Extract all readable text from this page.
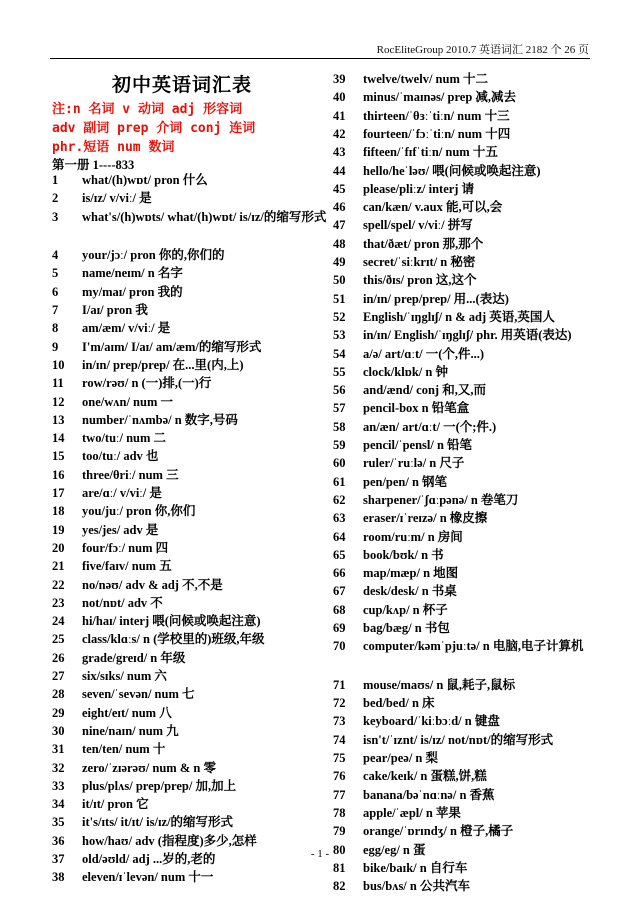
RocEliteGroup 2010.7 英语词汇 2182 个 26 页
初中英语词汇表
注:n 名词 v 动词 adj 形容词
adv 副词 prep 介词 conj 连词
phr.短语 num 数词
第一册 1----833
1	what/(h)wɒt/ pron 什么
2	is/ɪz/ v/viː/ 是
3	what's/(h)wɒts/ what/(h)wɒt/ is/ɪz/的缩写形式
4	your/jɔː/ pron 你的,你们的
5	name/neɪm/ n 名字
6	my/maɪ/ pron 我的
7	I/aɪ/ pron 我
8	am/æm/ v/viː/ 是
9	I'm/aɪm/ I/aɪ/ am/æm/的缩写形式
10	in/ɪn/ prep/prep/ 在...里(内,上)
11	row/rəʊ/ n (一)排,(一)行
12	one/wʌn/ num 一
13	number/ˈnʌmbə/ n 数字,号码
14	two/tuː/ num 二
15	too/tuː/ adv 也
16	three/θriː/ num 三
17	are/ɑː/ v/viː/ 是
18	you/juː/ pron 你,你们
19	yes/jes/ adv 是
20	four/fɔː/ num 四
21	five/faɪv/ num 五
22	no/nəʊ/ adv & adj 不,不是
23	not/nɒt/ adv 不
24	hi/haɪ/ interj 喂(问候或唤起注意)
25	class/klɑːs/ n (学校里的)班级,年级
26	grade/greɪd/ n 年级
27	six/sɪks/ num 六
28	seven/ˈsevən/ num 七
29	eight/eɪt/ num 八
30	nine/naɪn/ num 九
31	ten/ten/ num 十
32	zero/ˈzɪərəʊ/ num & n 零
33	plus/plʌs/ prep/prep/ 加,加上
34	it/ɪt/ pron 它
35	it's/ɪts/ it/ɪt/ is/ɪz/的缩写形式
36	how/haʊ/ adv (指程度)多少,怎样
37	old/əʊld/ adj ...岁的,老的
38	eleven/ɪˈlevən/ num 十一
39	twelve/twelv/ num 十二
40	minus/ˈmaɪnəs/ prep 减,减去
41	thirteen/ˈθɜːˈtiːn/ num 十三
42	fourteen/ˈfɔːˈtiːn/ num 十四
43	fifteen/ˈfɪfˈtiːn/ num 十五
44	hello/heˈləʊ/ 喂(问候或唤起注意)
45	please/pliːz/ interj 请
46	can/kæn/ v.aux 能,可以,会
47	spell/spel/ v/viː/ 拼写
48	that/ðæt/ pron 那,那个
49	secret/ˈsiːkrɪt/ n 秘密
50	this/ðɪs/ pron 这,这个
51	in/ɪn/ prep/prep/ 用...(表达)
52	English/ˈɪŋglɪʃ/ n & adj 英语,英国人
53	in/ɪn/ English/ˈɪŋglɪʃ/ phr. 用英语(表达)
54	a/ə/ art/ɑːt/ 一(个,件...)
55	clock/klɒk/ n 钟
56	and/ænd/ conj 和,又,而
57	pencil-box n 铅笔盒
58	an/æn/ art/ɑːt/ 一(个;件.)
59	pencil/ˈpensl/ n 铅笔
60	ruler/ˈruːlə/ n 尺子
61	pen/pen/ n 钢笔
62	sharpener/ˈʃɑːpənə/ n 卷笔刀
63	eraser/ɪˈreɪzə/ n 橡皮擦
64	room/ruːm/ n 房间
65	book/bʊk/ n 书
66	map/mæp/ n 地图
67	desk/desk/ n 书桌
68	cup/kʌp/ n 杯子
69	bag/bæg/ n 书包
70	computer/kəmˈpjuːtə/ n 电脑,电子计算机
71	mouse/maʊs/ n 鼠,耗子,鼠标
72	bed/bed/ n 床
73	keyboard/ˈkiːbɔːd/ n 键盘
74	isn't/ˈɪznt/ is/ɪz/ not/nɒt/的缩写形式
75	pear/peə/ n 梨
76	cake/keɪk/ n 蛋糕,饼,糕
77	banana/bəˈnɑːnə/ n 香蕉
78	apple/ˈæpl/ n 苹果
79	orange/ˈɒrɪndʒ/ n 橙子,橘子
80	egg/eg/ n 蛋
81	bike/baɪk/ n 自行车
82	bus/bʌs/ n 公共汽车
- 1 -
